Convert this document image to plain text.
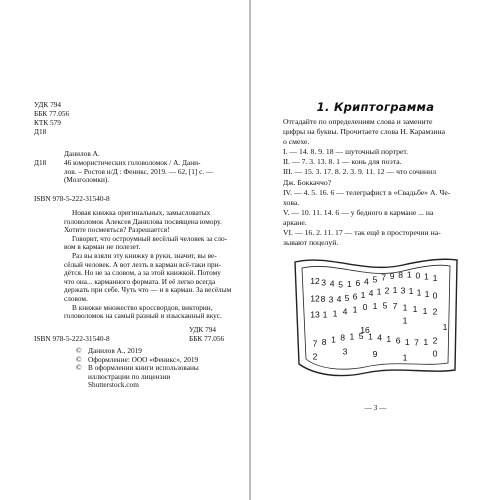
УДК 794
ББК 77.056
КТК 579
Д18
Данилов А.
Д18 46 юмористических головоломок / А. Дани-
лов. – Ростов н/Д : Феникс, 2019. — 62, [1] с. —
(Мозголомки).
ISBN 978-5-222-31540-8
Новая книжка оригинальных, замысловатых
головоломок Алексея Данилова посвящена юмору.
Хотите посмеяться? Разрешается!
Говорит, что остроумный весёлый человек за сло-
вом в карман не полезет.
Раз вы взяли эту книжку в руки, значит, вы ве-
сёлый человек. А вот лезть в карман всё-таки при-
дётся. Но не за словом, а за этой книжкой. Потому
что она... карманного формата. И её легко всегда
держать при себе. Чуть что — и в карман. За весёлым
словом.
В книжке множество кроссвордов, викторин,
головоломок на самый разный и изысканный вкус.
УДК 794
ББК 77.056
ISBN 978-5-222-31540-8
© Данилов А., 2019
© Оформление: ООО «Феникс», 2019
© В оформлении книги использованы
иллюстрации по лицензии
Shutterstock.com
1. Криптограмма
Отгадайте по определениям слова и замените
цифры на буквы. Прочитаете слова Н. Карамзина
о смехе.
I. — 14. 8. 9. 18 — шуточный портрет.
II. — 7. 3. 13. 8. 1 — конь для поэта.
III. — 15. 3. 17. 8. 2. 3. 9. 11. 12 — что сочинил
Дж. Боккаччо?
IV. — 4. 5. 16. 6 — телеграфист в «Свадьбе» А. Че-
хова.
V. — 10. 11. 14. 6 — у бедного в кармане ... на
аркане.
VI. — 16. 2. 11. 17 — так ещё в просторечии на-
зывают поцелуй.
12 3 4 5 1 6 4 5 7 9 8 1 0 1 1
12 8 3 4 5 6 1 4 1 2 1 3 1 1 1 0
13 1 1 4 1 0 1 5 7 1 1 1 2
16
1
1
7 8 1 8 1 5 1 4 1 6 1 7 1 2
2
3	9	1	0
— 3 —
